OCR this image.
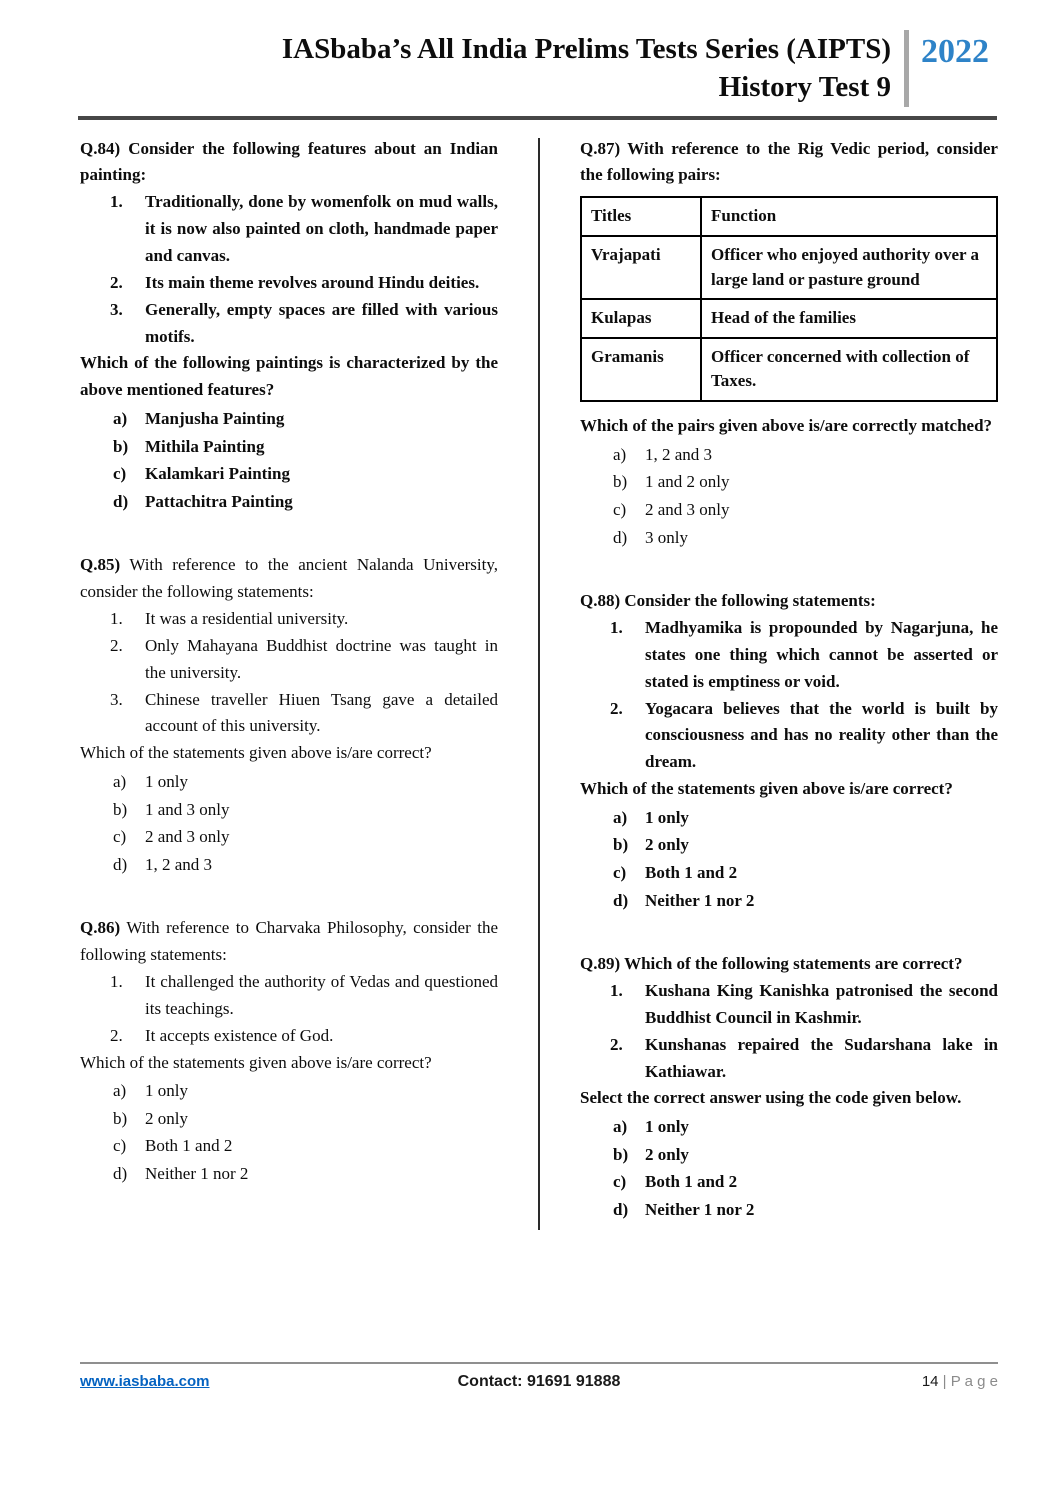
IASbaba’s All India Prelims Tests Series (AIPTS)
History Test 9
2022

Q.84) Consider the following features about an Indian painting:

1.	Traditionally, done by womenfolk on mud walls, it is now also painted on cloth, handmade paper and canvas.
2.	Its main theme revolves around Hindu deities.
3.	Generally, empty spaces are filled with various motifs.

Which of the following paintings is characterized by the above mentioned features?

a)	Manjusha Painting
b) Mithila Painting
c)	Kalamkari Painting
d) Pattachitra Painting

Q.85) With reference to the ancient Nalanda University, consider the following statements:

1.	It was a residential university.
2.	Only Mahayana Buddhist doctrine was taught in the university.
3.	Chinese traveller Hiuen Tsang gave a detailed account of this university.

Which of the statements given above is/are correct?

a)	1 only
b)	1 and 3 only
c)	2 and 3 only
d)	1, 2 and 3

Q.86) With reference to Charvaka Philosophy, consider the following statements:

1.	It challenged the authority of Vedas and questioned its teachings.
2.	It accepts existence of God.

Which of the statements given above is/are correct?

a)	1 only
b)	2 only
c)	Both 1 and 2
d)	Neither 1 nor 2

Q.87) With reference to the Rig Vedic period, consider the following pairs:

Titles	Function
Vrajapati	Officer who enjoyed authority over a large land or pasture ground
Kulapas	Head of the families
Gramanis	Officer concerned with collection of Taxes.

Which of the pairs given above is/are correctly matched?

a)	1, 2 and 3
b)	1 and 2 only
c)	2 and 3 only
d)	3 only

Q.88) Consider the following statements:

1.	Madhyamika is propounded by Nagarjuna, he states one thing which cannot be asserted or stated is emptiness or void.
2.	Yogacara believes that the world is built by consciousness and has no reality other than the dream.

Which of the statements given above is/are correct?

a)	1 only
b) 2 only
c)	Both 1 and 2
d) Neither 1 nor 2

Q.89) Which of the following statements are correct?

1.	Kushana King Kanishka patronised the second Buddhist Council in Kashmir.
2.	Kunshanas repaired the Sudarshana lake in Kathiawar.

Select the correct answer using the code given below.

a)	1 only
b) 2 only
c)	Both 1 and 2
d) Neither 1 nor 2
www.iasbaba.com	Contact: 91691 91888	14 | P a g e
